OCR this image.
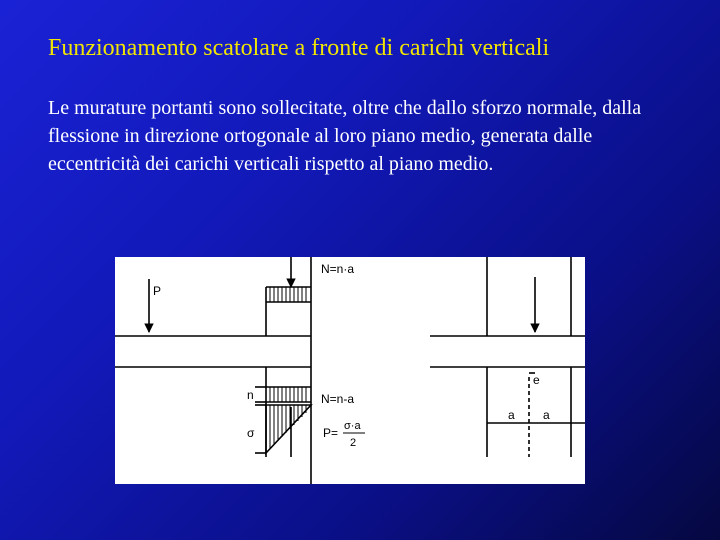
Funzionamento scatolare a fronte di carichi verticali
Le murature portanti sono sollecitate, oltre che dallo sforzo normale, dalla flessione in direzione ortogonale al loro piano medio, generata dalle eccentricità dei carichi verticali rispetto al piano medio.
P
N=n·a
n	N=n-a
σ	P= σ·a
2
e
a a
